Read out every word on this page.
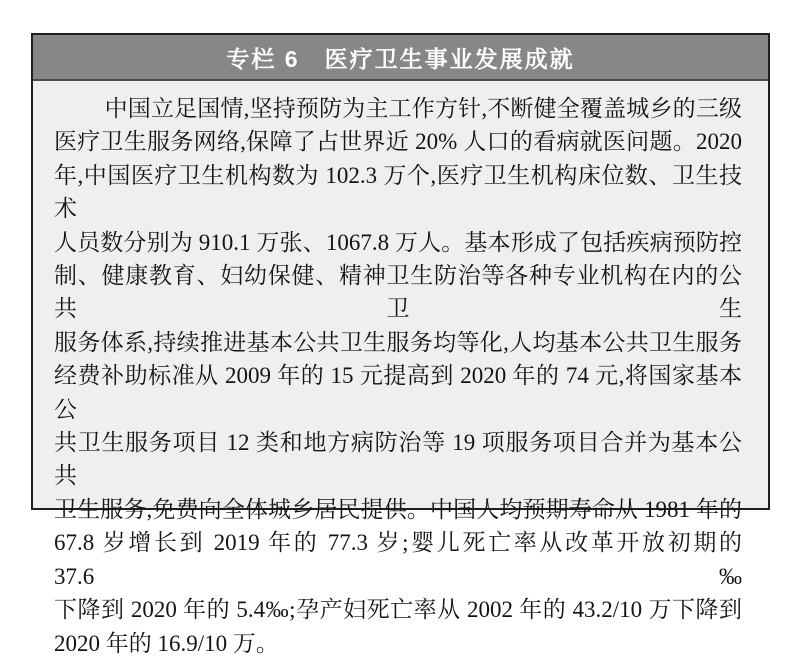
专栏 6　医疗卫生事业发展成就
中国立足国情,坚持预防为主工作方针,不断健全覆盖城乡的三级
医疗卫生服务网络,保障了占世界近 20% 人口的看病就医问题。2020
年,中国医疗卫生机构数为 102.3 万个,医疗卫生机构床位数、卫生技术
人员数分别为 910.1 万张、1067.8 万人。基本形成了包括疾病预防控
制、健康教育、妇幼保健、精神卫生防治等各种专业机构在内的公共卫生
服务体系,持续推进基本公共卫生服务均等化,人均基本公共卫生服务
经费补助标准从 2009 年的 15 元提高到 2020 年的 74 元,将国家基本公
共卫生服务项目 12 类和地方病防治等 19 项服务项目合并为基本公共
卫生服务,免费向全体城乡居民提供。中国人均预期寿命从 1981 年的
67.8 岁增长到 2019 年的 77.3 岁;婴儿死亡率从改革开放初期的 37.6‰
下降到 2020 年的 5.4‰;孕产妇死亡率从 2002 年的 43.2/10 万下降到
2020 年的 16.9/10 万。
